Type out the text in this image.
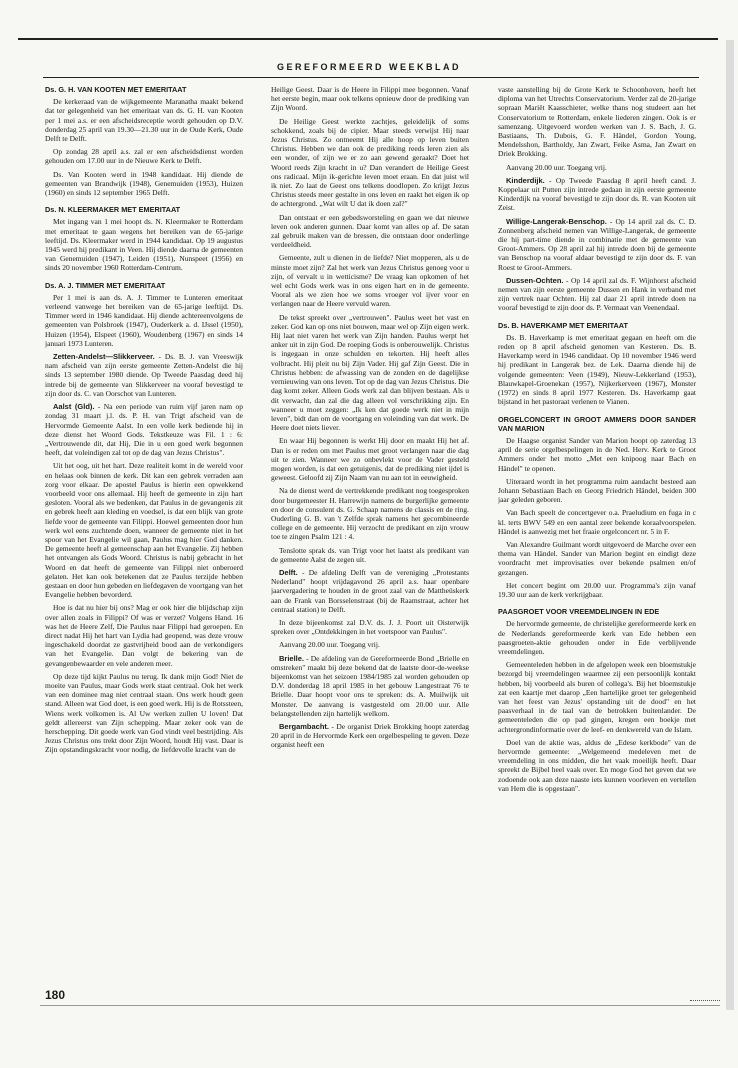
GEREFORMEERD WEEKBLAD
Ds. G. H. VAN KOOTEN MET EMERITAAT

De kerkeraad van de wijkgemeente Maranatha maakt bekend dat ter gelegenheid van het emeritaat van ds. G. H. van Kooten per 1 mei a.s. er een afscheidsreceptie wordt gehouden op D.V. donderdag 25 april van 19.30—21.30 uur in de Oude Kerk, Oude Delft te Delft.

Op zondag 28 april a.s. zal er een afscheidsdienst worden gehouden om 17.00 uur in de Nieuwe Kerk te Delft.

Ds. Van Kooten werd in 1948 kandidaat. Hij diende de gemeenten van Brandwijk (1948), Genemuiden (1953), Huizen (1960) en sinds 12 september 1965 Delft.

Ds. N. KLEERMAKER MET EMERITAAT

Met ingang van 1 mei hoopt ds. N. Kleermaker te Rotterdam met emeritaat te gaan wegens het bereiken van de 65-jarige leeftijd. Ds. Kleermaker werd in 1944 kandidaat. Op 19 augustus 1945 werd hij predikant in Veen. Hij diende daarna de gemeenten van Genemuiden (1947), Leiden (1951), Nunspeet (1956) en sinds 20 november 1960 Rotterdam-Centrum.

Ds. A. J. TIMMER MET EMERITAAT

Per 1 mei is aan ds. A. J. Timmer te Lunteren emeritaat verleend vanwege het bereiken van de 65-jarige leeftijd. Ds. Timmer werd in 1946 kandidaat. Hij diende achtereenvolgens de gemeenten van Polsbroek (1947), Ouderkerk a. d. IJssel (1950), Huizen (1954), Elspeet (1960), Woudenberg (1967) en sinds 14 januari 1973 Lunteren.

Zetten-Andelst—Slikkerveer. - Ds. B. J. van Vreeswijk nam afscheid van zijn eerste gemeente Zetten-Andelst die hij sinds 13 september 1980 diende. Op Tweede Paasdag deed hij intrede bij de gemeente van Slikkerveer na vooraf bevestigd te zijn door ds. C. van Oorschot van Lunteren.

Aalst (Gld). - Na een periode van ruim vijf jaren nam op zondag 31 maart j.l. ds. P. H. van Trigt afscheid van de Hervormde Gemeente Aalst. In een volle kerk bediende hij in deze dienst het Woord Gods. Tekstkeuze was Fil. 1 : 6: „Vertrouwende dit, dat Hij, Die in u een goed werk begonnen heeft, dat voleindigen zal tot op de dag van Jezus Christus".

Uit het oog, uit het hart. Deze realiteit komt in de wereld voor en helaas ook binnen de kerk. Dit kan een gebrek verraden aan zorg voor elkaar. De apostel Paulus is hierin een opwekkend voorbeeld voor ons allemaal. Hij heeft de gemeente in zijn hart gesloten. Vooral als we bedenken, dat Paulus in de gevangenis zit en gebrek heeft aan kleding en voedsel, is dat een blijk van grote liefde voor de gemeente van Filippi. Hoewel gemeenten door hun werk wel eens zuchtende doen, wanneer de gemeente niet in het spoor van het Evangelie wil gaan, Paulus mag hier God danken. De gemeente heeft al gemeenschap aan het Evangelie. Zij hebben het ontvangen als Gods Woord. Christus is nabij gebracht in het Woord en dat heeft de gemeente van Filippi niet onberoerd gelaten. Het kan ook betekenen dat ze Paulus terzijde hebben gestaan en door hun gebeden en liefdegaven de voortgang van het Evangelie hebben bevorderd.

Hoe is dat nu hier bij ons? Mag er ook hier die blijdschap zijn over allen zoals in Filippi? Of was er verzet? Volgens Hand. 16 was het de Heere Zelf, Die Paulus naar Filippi had geroepen. En direct nadat Hij het hart van Lydia had geopend, was deze vrouw ingeschakeld doordat ze gastvrijheid bood aan de verkondigers van het Evangelie. Dan volgt de bekering van de gevangenbewaarder en vele anderen meer.

Op deze tijd kijkt Paulus nu terug. Ik dank mijn God! Niet de moeite van Paulus, maar Gods werk staat centraal. Ook het werk van een dominee mag niet centraal staan. Ons werk houdt geen stand. Alleen wat God doet, is een goed werk. Hij is de Rotssteen, Wiens werk volkomen is. Al Uw werken zullen U loven! Dat geldt allereerst van Zijn schepping. Maar zeker ook van de herschepping. Dit goede werk van God vindt veel bestrijding. Als Jezus Christus ons trekt door Zijn Woord, houdt Hij vast. Daar is Zijn opstandingskracht voor nodig, de liefdevolle kracht van de

Heilige Geest. Daar is de Heere in Filippi mee begonnen. Vanaf het eerste begin, maar ook telkens opnieuw door de prediking van Zijn Woord.

De Heilige Geest werkte zachtjes, geleidelijk of soms schokkend, zoals bij de cipier. Maar steeds verwijst Hij naar Jezus Christus. Zo ontneemt Hij alle hoop op leven buiten Christus. Hebben we dan ook de prediking reeds leren zien als een wonder, of zijn we er zo aan gewend geraakt? Doet het Woord reeds Zijn kracht in u? Dan verandert de Heilige Geest ons radicaal. Mijn ik-gerichte leven moet eraan. En dat juist wil ik niet. Zo laat de Geest ons telkens doodlopen. Zo krijgt Jezus Christus steeds meer gestalte in ons leven en raakt het eigen ik op de achtergrond. „Wat wilt U dat ik doen zal?"

Dan ontstaat er een gebedsworsteling en gaan we dat nieuwe leven ook anderen gunnen. Daar komt van alles op af. De satan zal gebruik maken van de bressen, die ontstaan door onderlinge verdeeldheid.

Gemeente, zult u dienen in de liefde? Niet mopperen, als u de minste moet zijn? Zal het werk van Jezus Christus genoeg voor u zijn, of vervalt u in wetticisme? De vraag kan opkomen of het wel echt Gods werk was in ons eigen hart en in de gemeente. Vooral als we zien hoe we soms vroeger vol ijver voor en verlangen naar de Heere vervuld waren.

De tekst spreekt over „vertrouwen". Paulus weet het vast en zeker. God kan op ons niet bouwen, maar wel op Zijn eigen werk. Hij laat niet varen het werk van Zijn handen. Paulus werpt het anker uit in zijn God. De roeping Gods is onberouwelijk. Christus is ingegaan in onze schulden en tekorten. Hij heeft alles volbracht. Hij pleit nu bij Zijn Vader. Hij gaf Zijn Geest. Die in Christus hebben: de afwassing van de zonden en de dagelijkse vernieuwing van ons leven. Tot op de dag van Jezus Christus. Die dag komt zeker. Alleen Gods werk zal dan blijven bestaan. Als u dit verwacht, dan zal die dag alleen vol verschrikking zijn. En wanneer u moet zeggen: „Ik ken dat goede werk niet in mijn leven", bidt dan om de voortgang en voleinding van dat werk. De Heere doet niets liever.

En waar Hij begonnen is werkt Hij door en maakt Hij het af. Dan is er reden om met Paulus met groot verlangen naar die dag uit te zien. Wanneer we zo onbevlekt voor de Vader gesteld mogen worden, is dat een getuigenis, dat de prediking niet ijdel is geweest. Geloofd zij Zijn Naam van nu aan tot in eeuwigheid.

Na de dienst werd de vertrekkende predikant nog toegesproken door burgemeester H. Harrewijn namens de burgerlijke gemeente en door de consulent ds. G. Schaap namens de classis en de ring. Ouderling G. B. van 't Zelfde sprak namens het gecombineerde college en de gemeente. Hij verzocht de predikant en zijn vrouw toe te zingen Psalm 121 : 4.

Tenslotte sprak ds. van Trigt voor het laatst als predikant van de gemeente Aalst de zegen uit.

Delft. - De afdeling Delft van de vereniging „Protestants Nederland" hoopt vrijdagavond 26 april a.s. haar openbare jaarvergadering te houden in de groot zaal van de Mattheüskerk aan de Frank van Borsselenstraat (bij de Raamstraat, achter het centraal station) te Delft.

In deze bijeenkomst zal D.V. ds. J. J. Poort uit Oisterwijk spreken over „Ontdekkingen in het voetspoor van Paulus".

Aanvang 20.00 uur. Toegang vrij.

Brielle. - De afdeling van de Gereformeerde Bond „Brielle en omstreken" maakt bij deze bekend dat de laatste door-de-weekse bijeenkomst van het seizoen 1984/1985 zal worden gehouden op D.V. donderdag 18 april 1985 in het gebouw Langestraat 76 te Brielle. Daar hoopt voor ons te spreken: ds. A. Muilwijk uit Monster. De aanvang is vastgesteld om 20.00 uur. Alle belangstellenden zijn hartelijk welkom.

Bergambacht. - De organist Driek Brokking hoopt zaterdag 20 april in de Hervormde Kerk een orgelbespeling te geven. Deze organist heeft een

vaste aanstelling bij de Grote Kerk te Schoonhoven, heeft het diploma van het Utrechts Conservatorium. Verder zal de 20-jarige sopraan Mariët Kaasschieter, welke thans nog studeert aan het Conservatorium te Rotterdam, enkele liederen zingen. Ook is er samenzang. Uitgevoerd worden werken van J. S. Bach, J. G. Bastiaans, Th. Dubois, G. F. Händel, Gordon Young, Mendelsshon, Bartholdy, Jan Zwart, Feike Asma, Jan Zwart en Driek Brokking.

Aanvang 20.00 uur. Toegang vrij.

Kinderdijk. - Op Tweede Paasdag 8 april heeft cand. J. Koppelaar uit Putten zijn intrede gedaan in zijn eerste gemeente Kinderdijk na vooraf bevestigd te zijn door ds. R. van Kooten uit Zeist.

Willige-Langerak-Benschop. - Op 14 april zal ds. C. D. Zonnenberg afscheid nemen van Willige-Langerak, de gemeente die hij part-time diende in combinatie met de gemeente van Groot-Ammers. Op 28 april zal hij intrede doen bij de gemeente van Benschop na vooraf aldaar bevestigd te zijn door ds. F. van Roest te Groot-Ammers.

Dussen-Ochten. - Op 14 april zal ds. F. Wijnhorst afscheid nemen van zijn eerste gemeente Dussen en Hank in verband met zijn vertrek naar Ochten. Hij zal daar 21 april intrede doen na vooraf bevestigd te zijn door ds. P. Vermaat van Veenendaal.

Ds. B. HAVERKAMP MET EMERITAAT

Ds. B. Haverkamp is met emeritaat gegaan en heeft om die reden op 8 april afscheid genomen van Kesteren. Ds. B. Haverkamp werd in 1946 candidaat. Op 10 november 1946 werd hij predikant in Langerak bez. de Lek. Daarna diende hij de volgende gemeenten: Veen (1949), Nieuw-Lekkerland (1953), Blauwkapel-Groenekan (1957), Nijkerkerveen (1967), Monster (1972) en sinds 8 april 1977 Kesteren. Ds. Haverkamp gaat bijstand in het pastoraat verlenen te Vianen.

ORGELCONCERT IN GROOT AMMERS DOOR SANDER VAN MARION

De Haagse organist Sander van Marion hoopt op zaterdag 13 april de serie orgelbespelingen in de Ned. Herv. Kerk te Groot Ammers onder het motto „Met een knipoog naar Bach en Händel" te openen.

Uiteraard wordt in het programma ruim aandacht besteed aan Johann Sebastiaan Bach en Georg Friedrich Händel, beiden 300 jaar geleden geboren.

Van Bach speelt de concertgever o.a. Praeludium en fuga in c kl. terts BWV 549 en een aantal zeer bekende koraalvoorspelen. Händel is aanwezig met het fraaie orgelconcert nr. 5 in F.

Van Alexandre Guilmant wordt uitgevoerd de Marche over een thema van Händel. Sander van Marion begint en eindigt deze voordracht met improvisaties over bekende psalmen en/of gezangen.

Het concert begint om 20.00 uur. Programma's zijn vanaf 19.30 uur aan de kerk verkrijgbaar.

PAASGROET VOOR VREEMDELINGEN IN EDE

De hervormde gemeente, de christelijke gereformeerde kerk en de Nederlands gereformeerde kerk van Ede hebben een paasgroeten-aktie gehouden onder in Ede verblijvende vreemdelingen.

Gemeenteleden hebben in de afgelopen week een bloemstukje bezorgd bij vreemdelingen waarmee zij een persoonlijk kontakt hebben, bij voorbeeld als buren of collega's. Bij het bloemstukje zat een kaartje met daarop „Een hartelijke groet ter gelegenheid van het feest van Jezus' opstanding uit de dood" en het paasverhaal in de taal van de betrokken buitenlander. De gemeenteleden die op pad gingen, kregen een boekje met achtergrondinformatie over de leef- en denkwereld van de Islam.

Doel van de aktie was, aldus de „Edese kerkbode" van de hervormde gemeente: „Welgemeend medeleven met de vreemdeling in ons midden, die het vaak moeilijk heeft. Daar spreekt de Bijbel heel vaak over. En moge God het geven dat we zodoende ook aan deze naaste iets kunnen voorleven en vertellen van Hem die is opgestaan".

180
